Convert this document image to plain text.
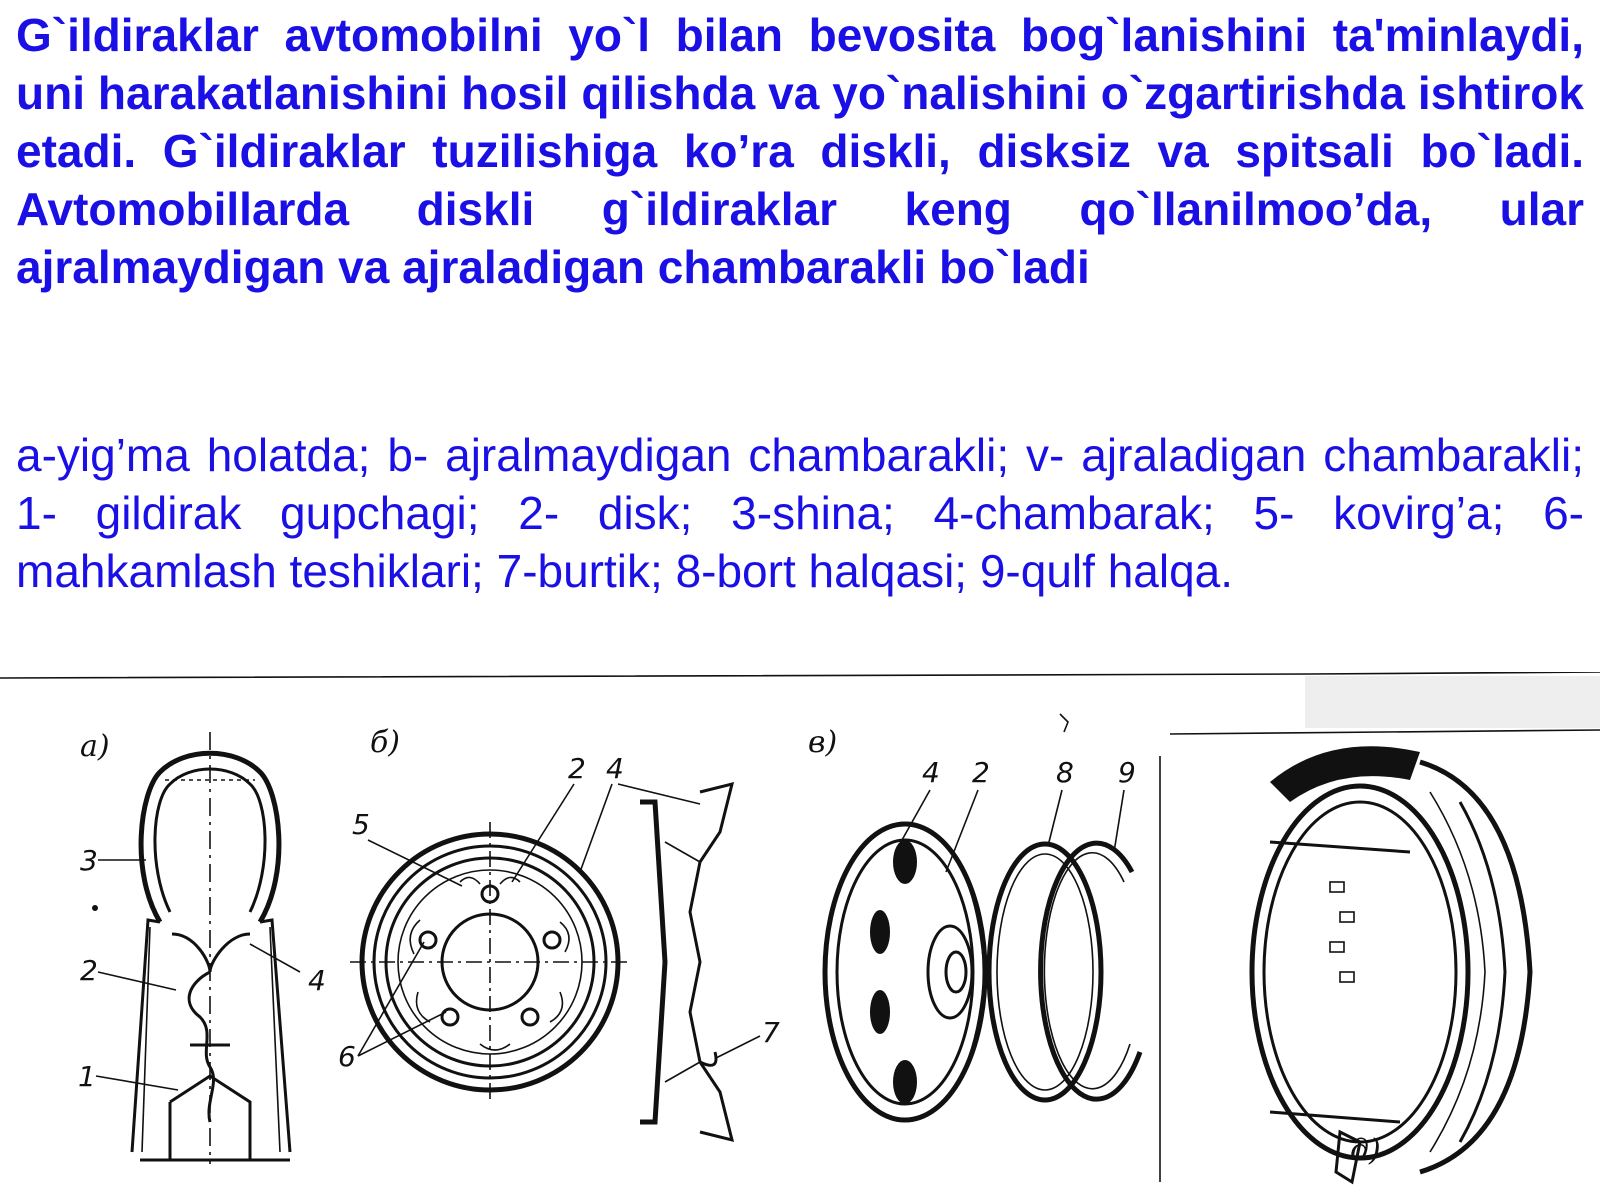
G`ildiraklar avtomobilni yo`l bilan bevosita bog`lanishini ta'minlaydi, uni harakatlanishini hosil qilishda va yo`nalishini o`zgartirishda ishtirok etadi. G`ildiraklar tuzilishiga ko’ra diskli, disksiz va spitsali bo`ladi. Avtomobillarda diskli g`ildiraklar keng qo`llanilmoo’da, ular ajralmaydigan va ajraladigan chambarakli bo`ladi

a-yig’ma holatda; b- ajralmaydigan chambarakli; v- ajraladigan chambarakli; 1- gildirak gupchagi; 2- disk; 3-shina; 4-chambarak; 5- kovirg’a; 6- mahkamlash teshiklari; 7-burtik; 8-bort halqasi; 9-qulf halqa.

а)
3
2	4
1
б)
5
2 4
6
7
в)
4 2 8 9
д)
